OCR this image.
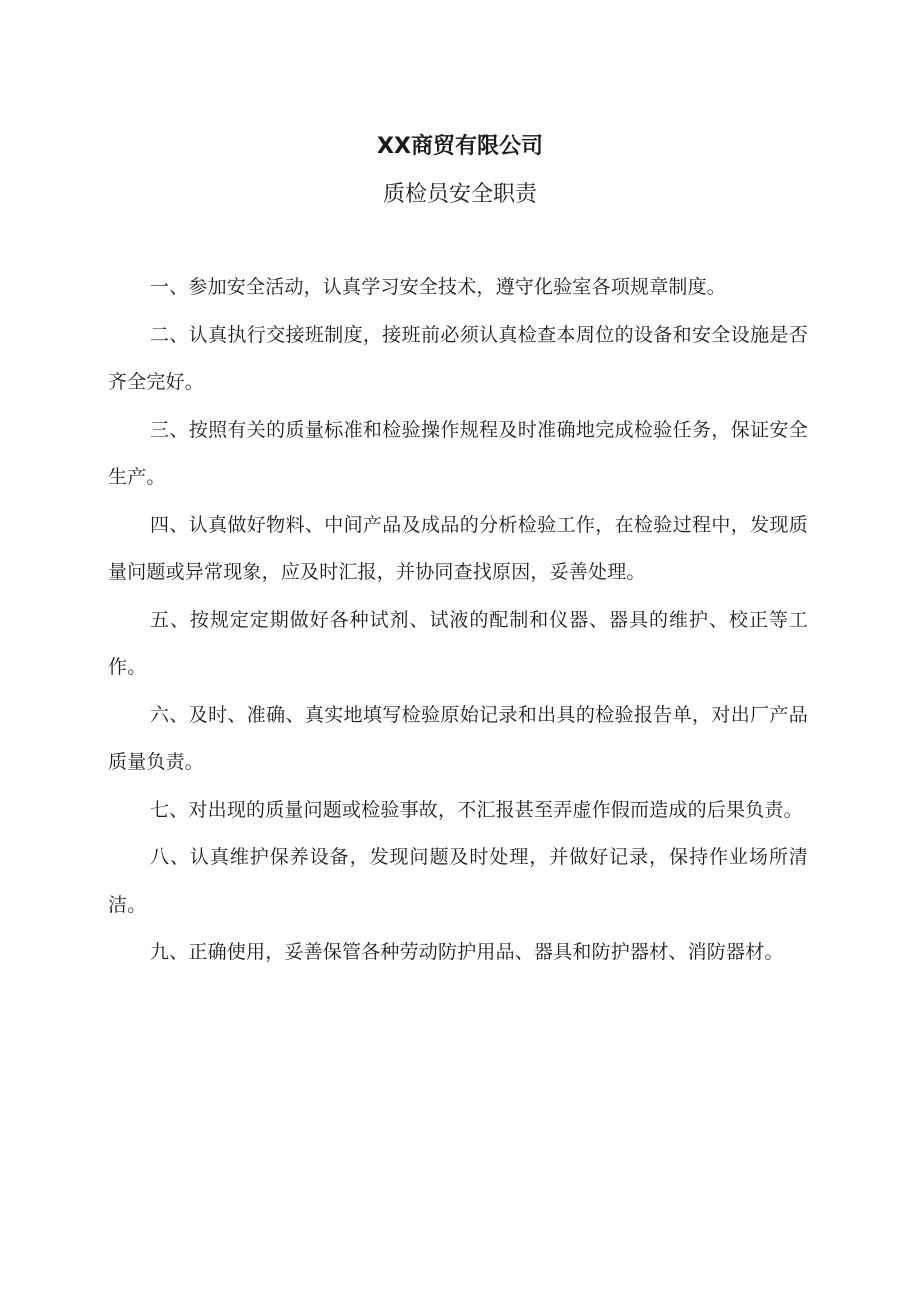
XX商贸有限公司
质检员安全职责

一、参加安全活动，认真学习安全技术，遵守化验室各项规章制度。

二、认真执行交接班制度，接班前必须认真检查本周位的设备和安全设施是否齐全完好。

三、按照有关的质量标准和检验操作规程及时准确地完成检验任务，保证安全生产。

四、认真做好物料、中间产品及成品的分析检验工作，在检验过程中，发现质量问题或异常现象，应及时汇报，并协同查找原因，妥善处理。

五、按规定定期做好各种试剂、试液的配制和仪器、器具的维护、校正等工作。

六、及时、准确、真实地填写检验原始记录和出具的检验报告单，对出厂产品质量负责。

七、对出现的质量问题或检验事故，不汇报甚至弄虚作假而造成的后果负责。

八、认真维护保养设备，发现问题及时处理，并做好记录，保持作业场所清洁。

九、正确使用，妥善保管各种劳动防护用品、器具和防护器材、消防器材。
